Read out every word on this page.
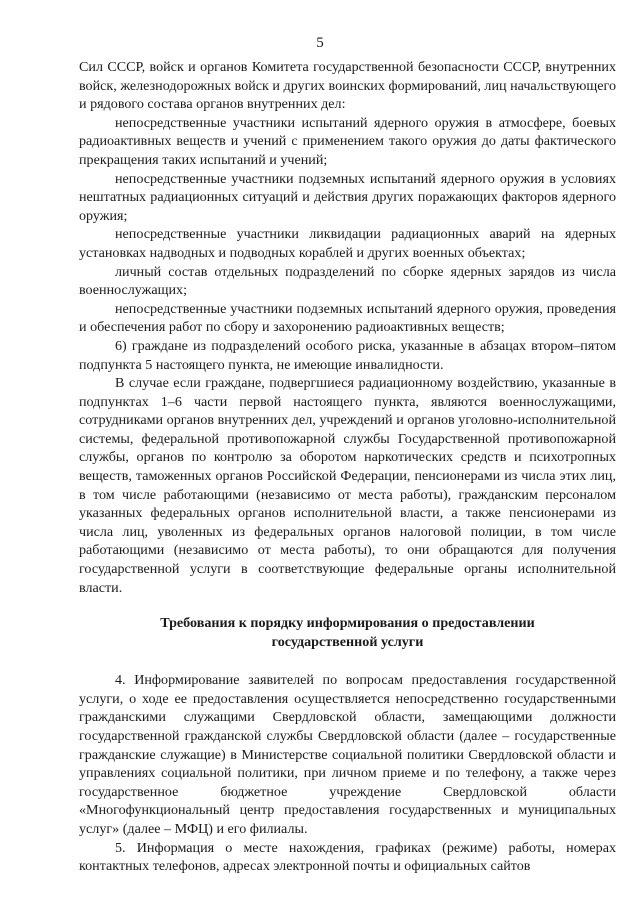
5

Сил СССР, войск и органов Комитета государственной безопасности СССР, внутренних войск, железнодорожных войск и других воинских формирований, лиц начальствующего и рядового состава органов внутренних дел:

непосредственные участники испытаний ядерного оружия в атмосфере, боевых радиоактивных веществ и учений с применением такого оружия до даты фактического прекращения таких испытаний и учений;

непосредственные участники подземных испытаний ядерного оружия в условиях нештатных радиационных ситуаций и действия других поражающих факторов ядерного оружия;

непосредственные участники ликвидации радиационных аварий на ядерных установках надводных и подводных кораблей и других военных объектах;

личный состав отдельных подразделений по сборке ядерных зарядов из числа военнослужащих;

непосредственные участники подземных испытаний ядерного оружия, проведения и обеспечения работ по сбору и захоронению радиоактивных веществ;

6) граждане из подразделений особого риска, указанные в абзацах втором–пятом подпункта 5 настоящего пункта, не имеющие инвалидности.

В случае если граждане, подвергшиеся радиационному воздействию, указанные в подпунктах 1–6 части первой настоящего пункта, являются военнослужащими, сотрудниками органов внутренних дел, учреждений и органов уголовно-исполнительной системы, федеральной противопожарной службы Государственной противопожарной службы, органов по контролю за оборотом наркотических средств и психотропных веществ, таможенных органов Российской Федерации, пенсионерами из числа этих лиц, в том числе работающими (независимо от места работы), гражданским персоналом указанных федеральных органов исполнительной власти, а также пенсионерами из числа лиц, уволенных из федеральных органов налоговой полиции, в том числе работающими (независимо от места работы), то они обращаются для получения государственной услуги в соответствующие федеральные органы исполнительной власти.

Требования к порядку информирования о предоставлении государственной услуги

4. Информирование заявителей по вопросам предоставления государственной услуги, о ходе ее предоставления осуществляется непосредственно государственными гражданскими служащими Свердловской области, замещающими должности государственной гражданской службы Свердловской области (далее – государственные гражданские служащие) в Министерстве социальной политики Свердловской области и управлениях социальной политики, при личном приеме и по телефону, а также через государственное бюджетное учреждение Свердловской области «Многофункциональный центр предоставления государственных и муниципальных услуг» (далее – МФЦ) и его филиалы.

5. Информация о месте нахождения, графиках (режиме) работы, номерах контактных телефонов, адресах электронной почты и официальных сайтов
